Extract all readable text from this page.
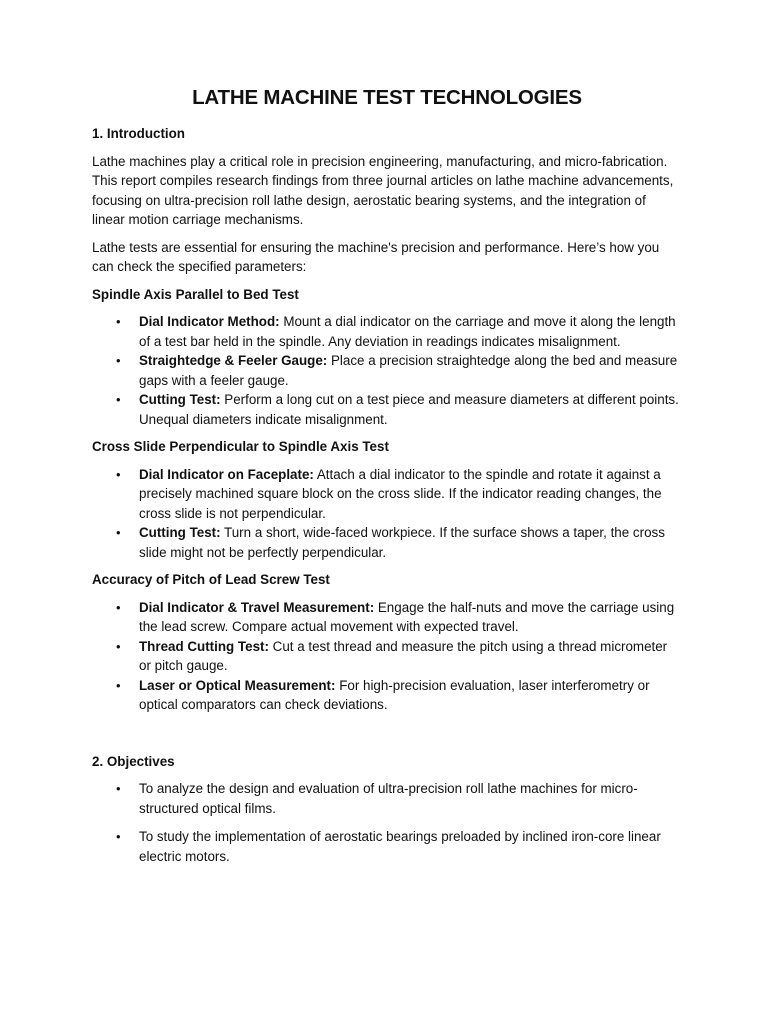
LATHE MACHINE TEST TECHNOLOGIES
1. Introduction

Lathe machines play a critical role in precision engineering, manufacturing, and micro-fabrication. This report compiles research findings from three journal articles on lathe machine advancements, focusing on ultra-precision roll lathe design, aerostatic bearing systems, and the integration of linear motion carriage mechanisms.

Lathe tests are essential for ensuring the machine's precision and performance. Here’s how you can check the specified parameters:

Spindle Axis Parallel to Bed Test
• Dial Indicator Method: Mount a dial indicator on the carriage and move it along the length of a test bar held in the spindle. Any deviation in readings indicates misalignment.
• Straightedge & Feeler Gauge: Place a precision straightedge along the bed and measure gaps with a feeler gauge.
• Cutting Test: Perform a long cut on a test piece and measure diameters at different points. Unequal diameters indicate misalignment.
Cross Slide Perpendicular to Spindle Axis Test
• Dial Indicator on Faceplate: Attach a dial indicator to the spindle and rotate it against a precisely machined square block on the cross slide. If the indicator reading changes, the cross slide is not perpendicular.
• Cutting Test: Turn a short, wide-faced workpiece. If the surface shows a taper, the cross slide might not be perfectly perpendicular.
Accuracy of Pitch of Lead Screw Test
• Dial Indicator & Travel Measurement: Engage the half-nuts and move the carriage using the lead screw. Compare actual movement with expected travel.
• Thread Cutting Test: Cut a test thread and measure the pitch using a thread micrometer or pitch gauge.
• Laser or Optical Measurement: For high-precision evaluation, laser interferometry or optical comparators can check deviations.
2. Objectives
• To analyze the design and evaluation of ultra-precision roll lathe machines for micro-structured optical films.
• To study the implementation of aerostatic bearings preloaded by inclined iron-core linear electric motors.
